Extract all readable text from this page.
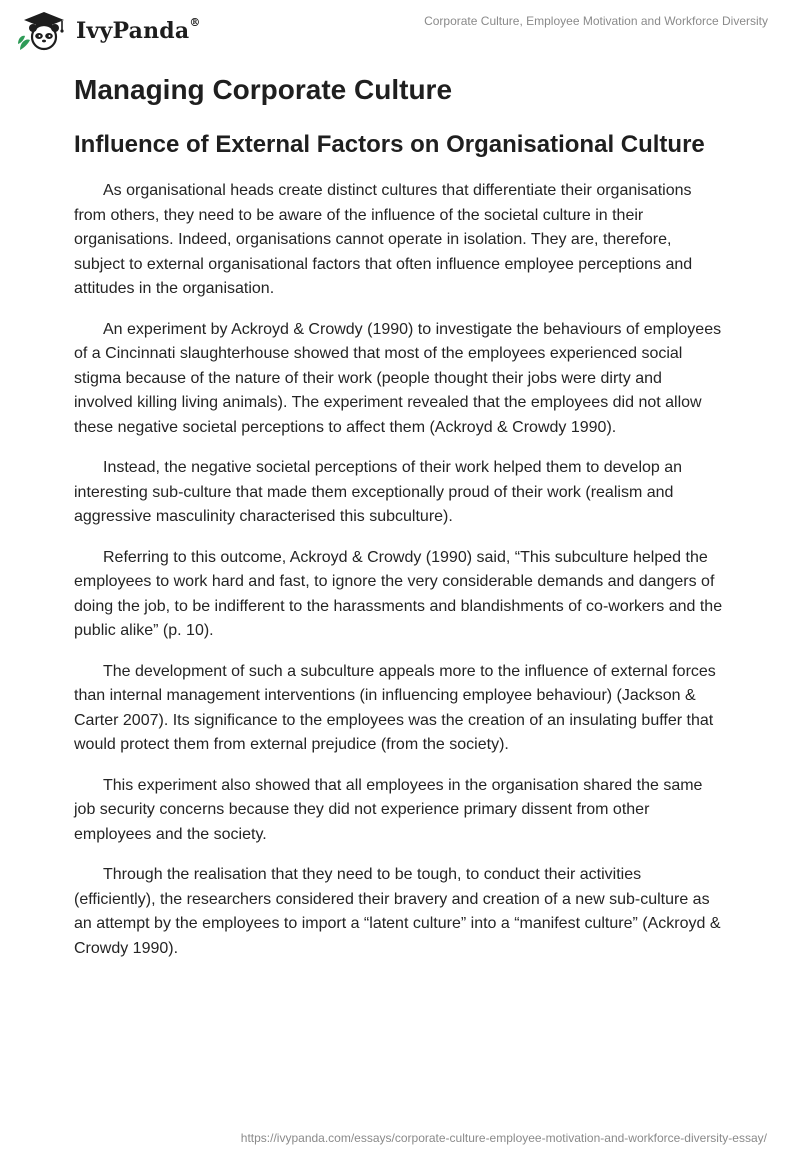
IvyPanda®	Corporate Culture, Employee Motivation and Workforce Diversity
Managing Corporate Culture
Influence of External Factors on Organisational Culture

As organisational heads create distinct cultures that differentiate their organisations from others, they need to be aware of the influence of the societal culture in their organisations. Indeed, organisations cannot operate in isolation. They are, therefore, subject to external organisational factors that often influence employee perceptions and attitudes in the organisation.

An experiment by Ackroyd & Crowdy (1990) to investigate the behaviours of employees of a Cincinnati slaughterhouse showed that most of the employees experienced social stigma because of the nature of their work (people thought their jobs were dirty and involved killing living animals). The experiment revealed that the employees did not allow these negative societal perceptions to affect them (Ackroyd & Crowdy 1990).

Instead, the negative societal perceptions of their work helped them to develop an interesting sub-culture that made them exceptionally proud of their work (realism and aggressive masculinity characterised this subculture).

Referring to this outcome, Ackroyd & Crowdy (1990) said, “This subculture helped the employees to work hard and fast, to ignore the very considerable demands and dangers of doing the job, to be indifferent to the harassments and blandishments of co-workers and the public alike” (p. 10).

The development of such a subculture appeals more to the influence of external forces than internal management interventions (in influencing employee behaviour) (Jackson & Carter 2007). Its significance to the employees was the creation of an insulating buffer that would protect them from external prejudice (from the society).

This experiment also showed that all employees in the organisation shared the same job security concerns because they did not experience primary dissent from other employees and the society.

Through the realisation that they need to be tough, to conduct their activities (efficiently), the researchers considered their bravery and creation of a new sub-culture as an attempt by the employees to import a “latent culture” into a “manifest culture” (Ackroyd & Crowdy 1990).

https://ivypanda.com/essays/corporate-culture-employee-motivation-and-workforce-diversity-essay/
